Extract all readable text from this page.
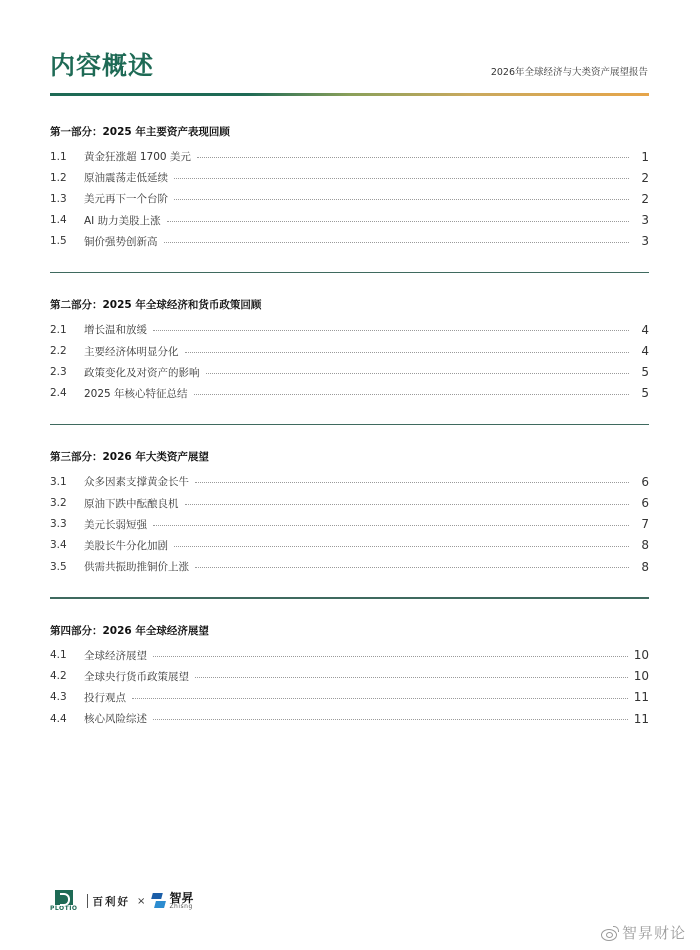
内容概述	2026年全球经济与大类资产展望报告
第一部分：2025 年主要资产表现回顾
1.1	黄金狂涨超 1700 美元	1
1.2	原油震荡走低延续	2
1.3	美元再下一个台阶	2
1.4	AI 助力美股上涨	3
1.5	铜价强势创新高	3
第二部分：2025 年全球经济和货币政策回顾
2.1	增长温和放缓	4
2.2	主要经济体明显分化	4
2.3	政策变化及对资产的影响	5
2.4	2025 年核心特征总结	5
第三部分：2026 年大类资产展望
3.1	众多因素支撑黄金长牛	6
3.2	原油下跌中酝酿良机	6
3.3	美元长弱短强	7
3.4	美股长牛分化加剧	8
3.5	供需共振助推铜价上涨	8
第四部分：2026 年全球经济展望
4.1	全球经济展望	10
4.2	全球央行货币政策展望	10
4.3	投行观点	11
4.4	核心风险综述	11
PLOTIO
百利好 × 智昇
Zhisng
智昇财论
